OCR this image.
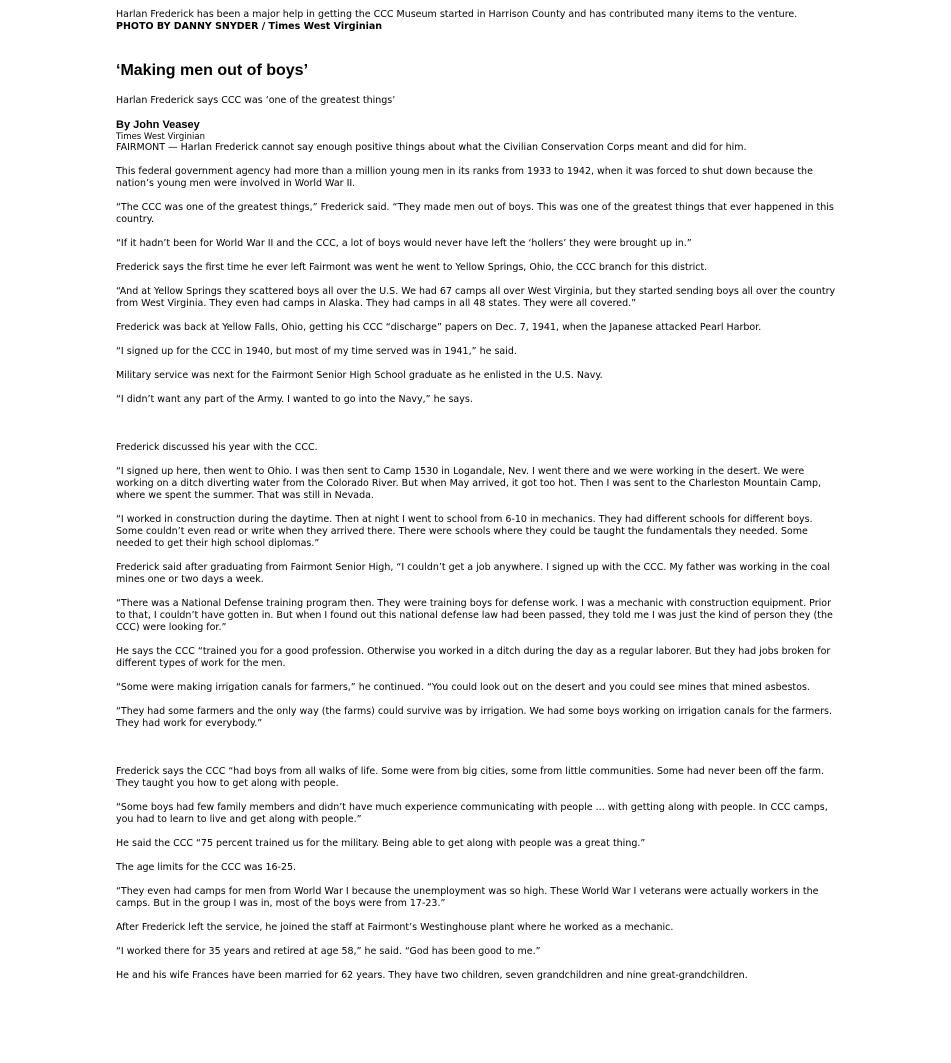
Harlan Frederick has been a major help in getting the CCC Museum started in Harrison County and has contributed many items to the venture.

PHOTO BY DANNY SNYDER / Times West Virginian

‘Making men out of boys’

Harlan Frederick says CCC was ‘one of the greatest things’

By John Veasey
Times West Virginian

FAIRMONT — Harlan Frederick cannot say enough positive things about what the Civilian Conservation Corps meant and did for him.

This federal government agency had more than a million young men in its ranks from 1933 to 1942, when it was forced to shut down because the nation’s young men were involved in World War II.

“The CCC was one of the greatest things,” Frederick said. “They made men out of boys. This was one of the greatest things that ever happened in this country.

“If it hadn’t been for World War II and the CCC, a lot of boys would never have left the ‘hollers’ they were brought up in.”

Frederick says the first time he ever left Fairmont was went he went to Yellow Springs, Ohio, the CCC branch for this district.

“And at Yellow Springs they scattered boys all over the U.S. We had 67 camps all over West Virginia, but they started sending boys all over the country from West Virginia. They even had camps in Alaska. They had camps in all 48 states. They were all covered.”

Frederick was back at Yellow Falls, Ohio, getting his CCC “discharge” papers on Dec. 7, 1941, when the Japanese attacked Pearl Harbor.

“I signed up for the CCC in 1940, but most of my time served was in 1941,” he said.

Military service was next for the Fairmont Senior High School graduate as he enlisted in the U.S. Navy.

“I didn’t want any part of the Army. I wanted to go into the Navy,” he says.

Frederick discussed his year with the CCC.

“I signed up here, then went to Ohio. I was then sent to Camp 1530 in Logandale, Nev. I went there and we were working in the desert. We were working on a ditch diverting water from the Colorado River. But when May arrived, it got too hot. Then I was sent to the Charleston Mountain Camp, where we spent the summer. That was still in Nevada.

“I worked in construction during the daytime. Then at night I went to school from 6-10 in mechanics. They had different schools for different boys. Some couldn’t even read or write when they arrived there. There were schools where they could be taught the fundamentals they needed. Some needed to get their high school diplomas.”

Frederick said after graduating from Fairmont Senior High, “I couldn’t get a job anywhere. I signed up with the CCC. My father was working in the coal mines one or two days a week.

“There was a National Defense training program then. They were training boys for defense work. I was a mechanic with construction equipment. Prior to that, I couldn’t have gotten in. But when I found out this national defense law had been passed, they told me I was just the kind of person they (the CCC) were looking for.”

He says the CCC “trained you for a good profession. Otherwise you worked in a ditch during the day as a regular laborer. But they had jobs broken for different types of work for the men.

“Some were making irrigation canals for farmers,” he continued. “You could look out on the desert and you could see mines that mined asbestos.

“They had some farmers and the only way (the farms) could survive was by irrigation. We had some boys working on irrigation canals for the farmers. They had work for everybody.”

Frederick says the CCC “had boys from all walks of life. Some were from big cities, some from little communities. Some had never been off the farm. They taught you how to get along with people.

“Some boys had few family members and didn’t have much experience communicating with people ... with getting along with people. In CCC camps, you had to learn to live and get along with people.”

He said the CCC “75 percent trained us for the military. Being able to get along with people was a great thing.”

The age limits for the CCC was 16-25.

“They even had camps for men from World War I because the unemployment was so high. These World War I veterans were actually workers in the camps. But in the group I was in, most of the boys were from 17-23.”

After Frederick left the service, he joined the staff at Fairmont’s Westinghouse plant where he worked as a mechanic.

“I worked there for 35 years and retired at age 58,” he said. “God has been good to me.”

He and his wife Frances have been married for 62 years. They have two children, seven grandchildren and nine great-grandchildren.
